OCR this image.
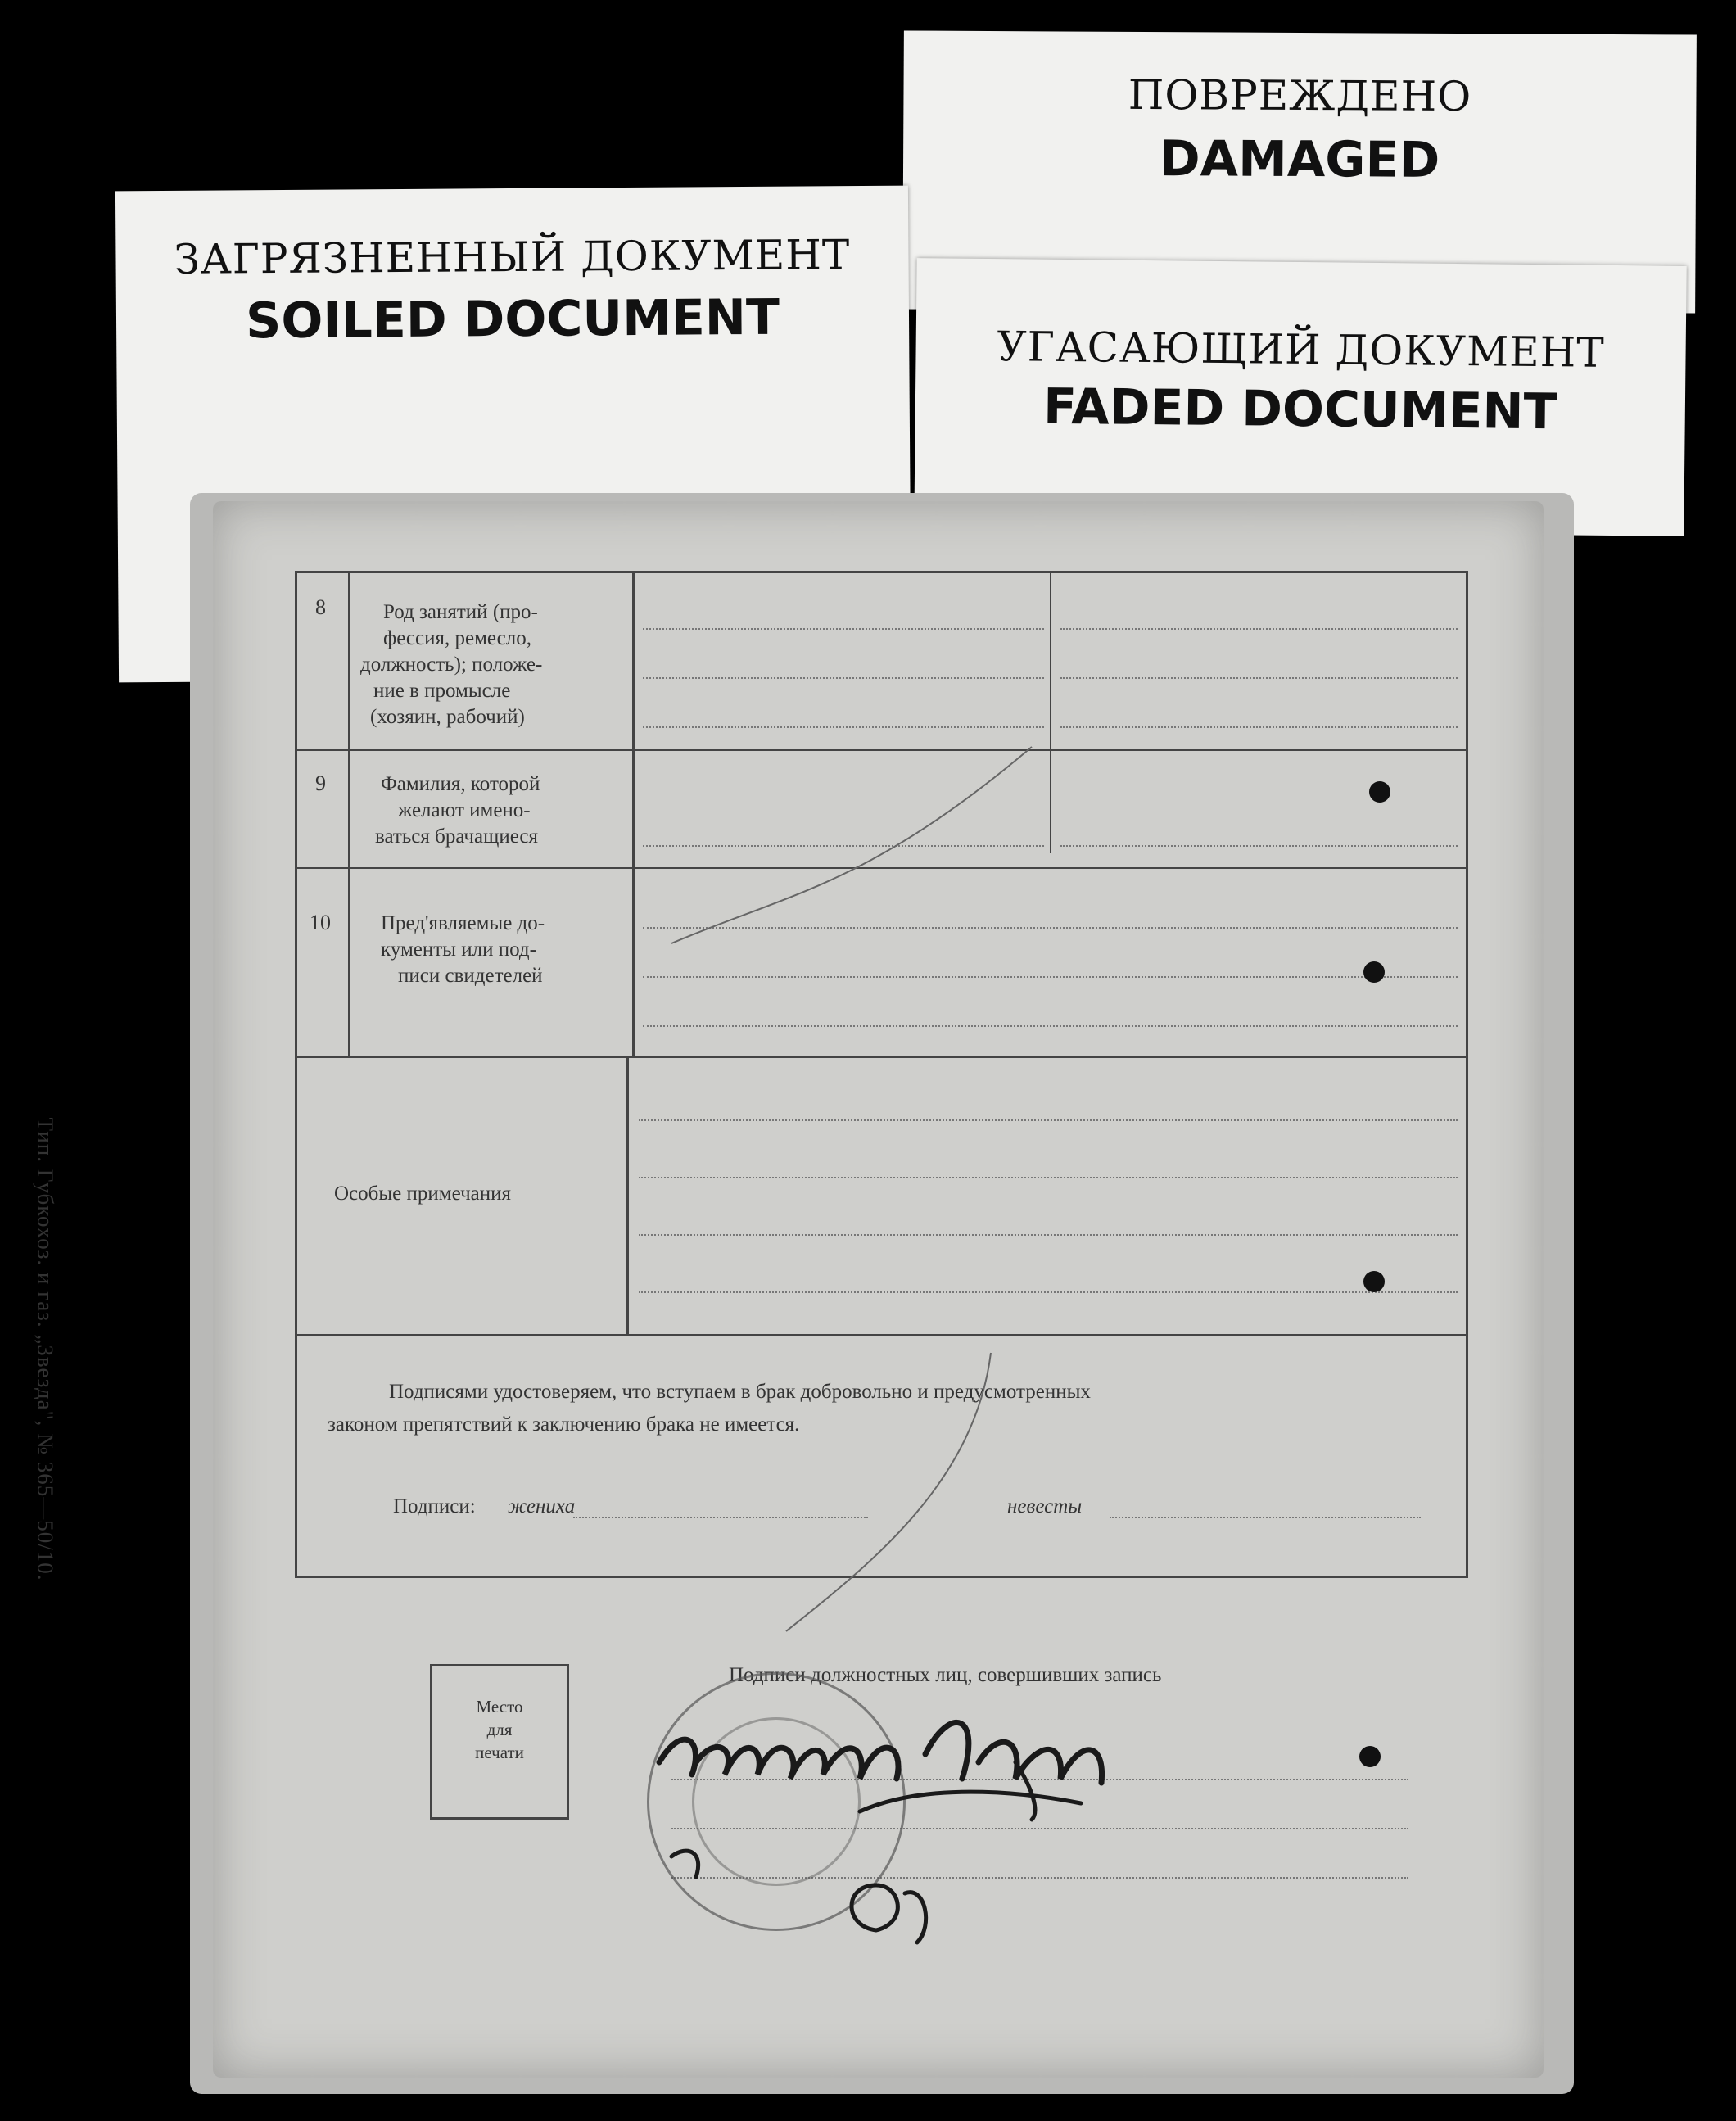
ПОВРЕЖДЕНО
DAMAGED
УГАСАЮЩИЙ ДОКУМЕНТ
FADED DOCUMENT
ЗАГРЯЗНЕННЫЙ ДОКУМЕНТ
SOILED DOCUMENT
Тип. Губкохоз. и газ. „Звезда", № 365—50/10.
8	Род занятий (про-
фессия, ремесло,
должность); положе-
ние в промысле
(хозяин, рабочий)
9	Фамилия, которой
желают имено-
ваться брачащиеся
10 Пред'являемые до-
кументы или под-
писи свидетелей
Особые примечания
Подписями удостоверяем, что вступаем в брак добровольно и предусмотренных
законом препятствий к заключению брака не имеется.
Подписи: жениха	невесты
Место
для
печати
Подписи должностных лиц, совершивших запись
